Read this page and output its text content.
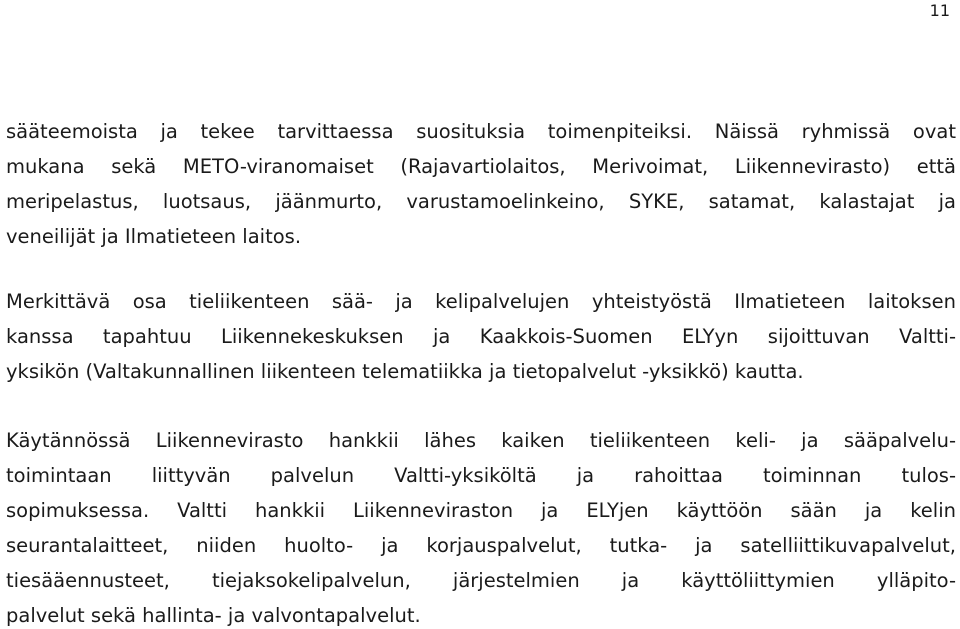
11

sääteemoista ja tekee tarvittaessa suosituksia toimenpiteiksi. Näissä ryhmissä ovat
mukana sekä METO-viranomaiset (Rajavartiolaitos, Merivoimat, Liikennevirasto) että
meripelastus, luotsaus, jäänmurto, varustamoelinkeino, SYKE, satamat, kalastajat ja
veneilijät ja Ilmatieteen laitos.

Merkittävä osa tieliikenteen sää- ja kelipalvelujen yhteistyöstä Ilmatieteen laitoksen
kanssa tapahtuu Liikennekeskuksen ja Kaakkois-Suomen ELYyn sijoittuvan Valtti-
yksikön (Valtakunnallinen liikenteen telematiikka ja tietopalvelut -yksikkö) kautta.

Käytännössä Liikennevirasto hankkii lähes kaiken tieliikenteen keli- ja sääpalvelu-
toimintaan liittyvän palvelun Valtti-yksiköltä ja rahoittaa toiminnan tulos-
sopimuksessa. Valtti hankkii Liikenneviraston ja ELYjen käyttöön sään ja kelin
seurantalaitteet, niiden huolto- ja korjauspalvelut, tutka- ja satelliittikuvapalvelut,
tiesääennusteet, tiejaksokelipalvelun, järjestelmien ja käyttöliittymien ylläpito-
palvelut sekä hallinta- ja valvontapalvelut.
